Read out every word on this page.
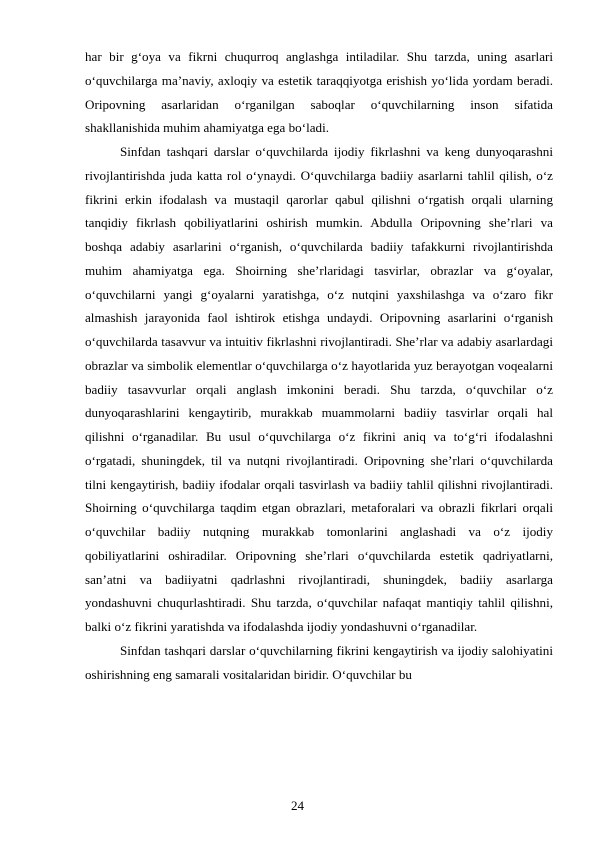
har bir g‘oya va fikrni chuqurroq anglashga intiladilar. Shu tarzda, uning asarlari o‘quvchilarga ma’naviy, axloqiy va estetik taraqqiyotga erishish yo‘lida yordam beradi. Oripovning asarlaridan o‘rganilgan saboqlar o‘quvchilarning inson sifatida shakllanishida muhim ahamiyatga ega bo‘ladi.

Sinfdan tashqari darslar o‘quvchilarda ijodiy fikrlashni va keng dunyoqarashni rivojlantirishda juda katta rol o‘ynaydi. O‘quvchilarga badiiy asarlarni tahlil qilish, o‘z fikrini erkin ifodalash va mustaqil qarorlar qabul qilishni o‘rgatish orqali ularning tanqidiy fikrlash qobiliyatlarini oshirish mumkin. Abdulla Oripovning she’rlari va boshqa adabiy asarlarini o‘rganish, o‘quvchilarda badiiy tafakkurni rivojlantirishda muhim ahamiyatga ega. Shoirning she’rlaridagi tasvirlar, obrazlar va g‘oyalar, o‘quvchilarni yangi g‘oyalarni yaratishga, o‘z nutqini yaxshilashga va o‘zaro fikr almashish jarayonida faol ishtirok etishga undaydi. Oripovning asarlarini o‘rganish o‘quvchilarda tasavvur va intuitiv fikrlashni rivojlantiradi. She’rlar va adabiy asarlardagi obrazlar va simbolik elementlar o‘quvchilarga o‘z hayotlarida yuz berayotgan voqealarni badiiy tasavvurlar orqali anglash imkonini beradi. Shu tarzda, o‘quvchilar o‘z dunyoqarashlarini kengaytirib, murakkab muammolarni badiiy tasvirlar orqali hal qilishni o‘rganadilar. Bu usul o‘quvchilarga o‘z fikrini aniq va to‘g‘ri ifodalashni o‘rgatadi, shuningdek, til va nutqni rivojlantiradi. Oripovning she’rlari o‘quvchilarda tilni kengaytirish, badiiy ifodalar orqali tasvirlash va badiiy tahlil qilishni rivojlantiradi. Shoirning o‘quvchilarga taqdim etgan obrazlari, metaforalari va obrazli fikrlari orqali o‘quvchilar badiiy nutqning murakkab tomonlarini anglashadi va o‘z ijodiy qobiliyatlarini oshiradilar. Oripovning she’rlari o‘quvchilarda estetik qadriyatlarni, san’atni va badiiyatni qadrlashni rivojlantiradi, shuningdek, badiiy asarlarga yondashuvni chuqurlashtiradi. Shu tarzda, o‘quvchilar nafaqat mantiqiy tahlil qilishni, balki o‘z fikrini yaratishda va ifodalashda ijodiy yondashuvni o‘rganadilar.

Sinfdan tashqari darslar o‘quvchilarning fikrini kengaytirish va ijodiy salohiyatini oshirishning eng samarali vositalaridan biridir. O‘quvchilar bu

24
